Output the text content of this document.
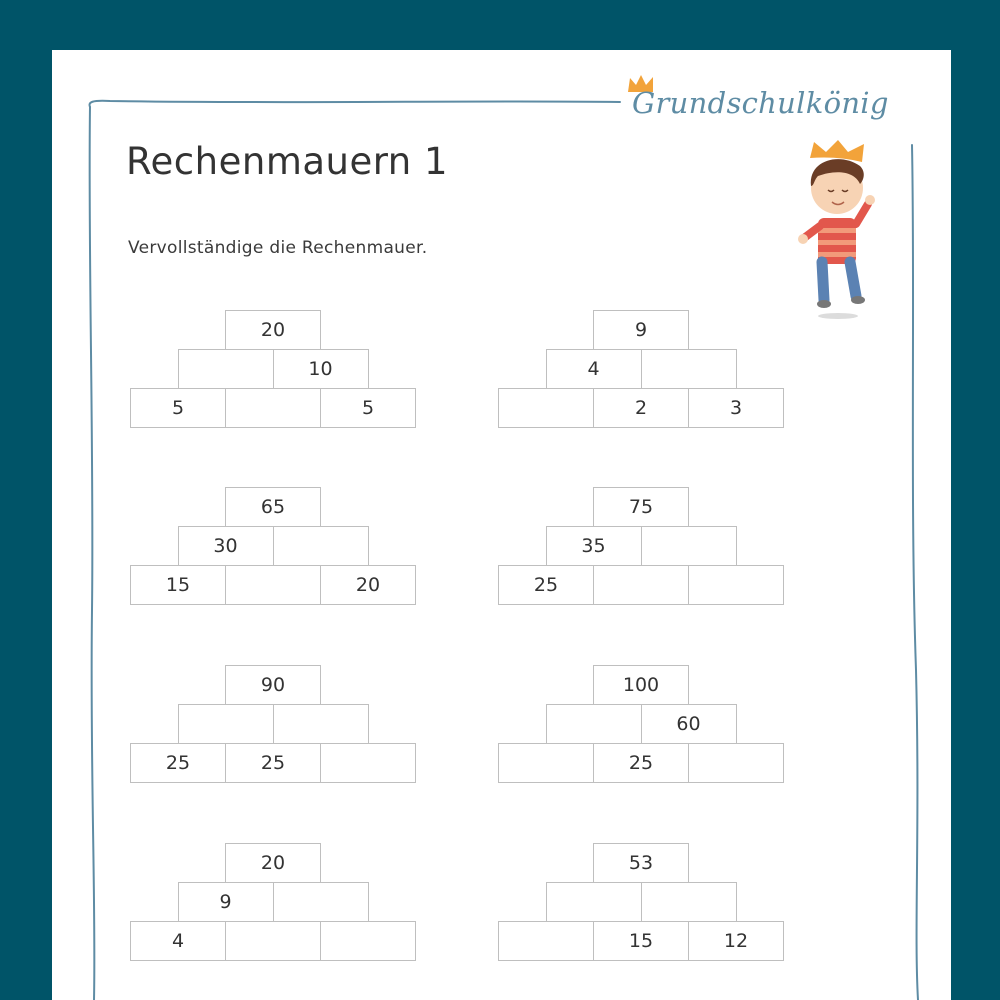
Grundschulkönig
Rechenmauern 1
Vervollständige die Rechenmauer.
20
10
5	5
9
4
2	3
65
30
15	20
75
35
25
90
25	25
100
60
25
20
9
4
53
15	12
